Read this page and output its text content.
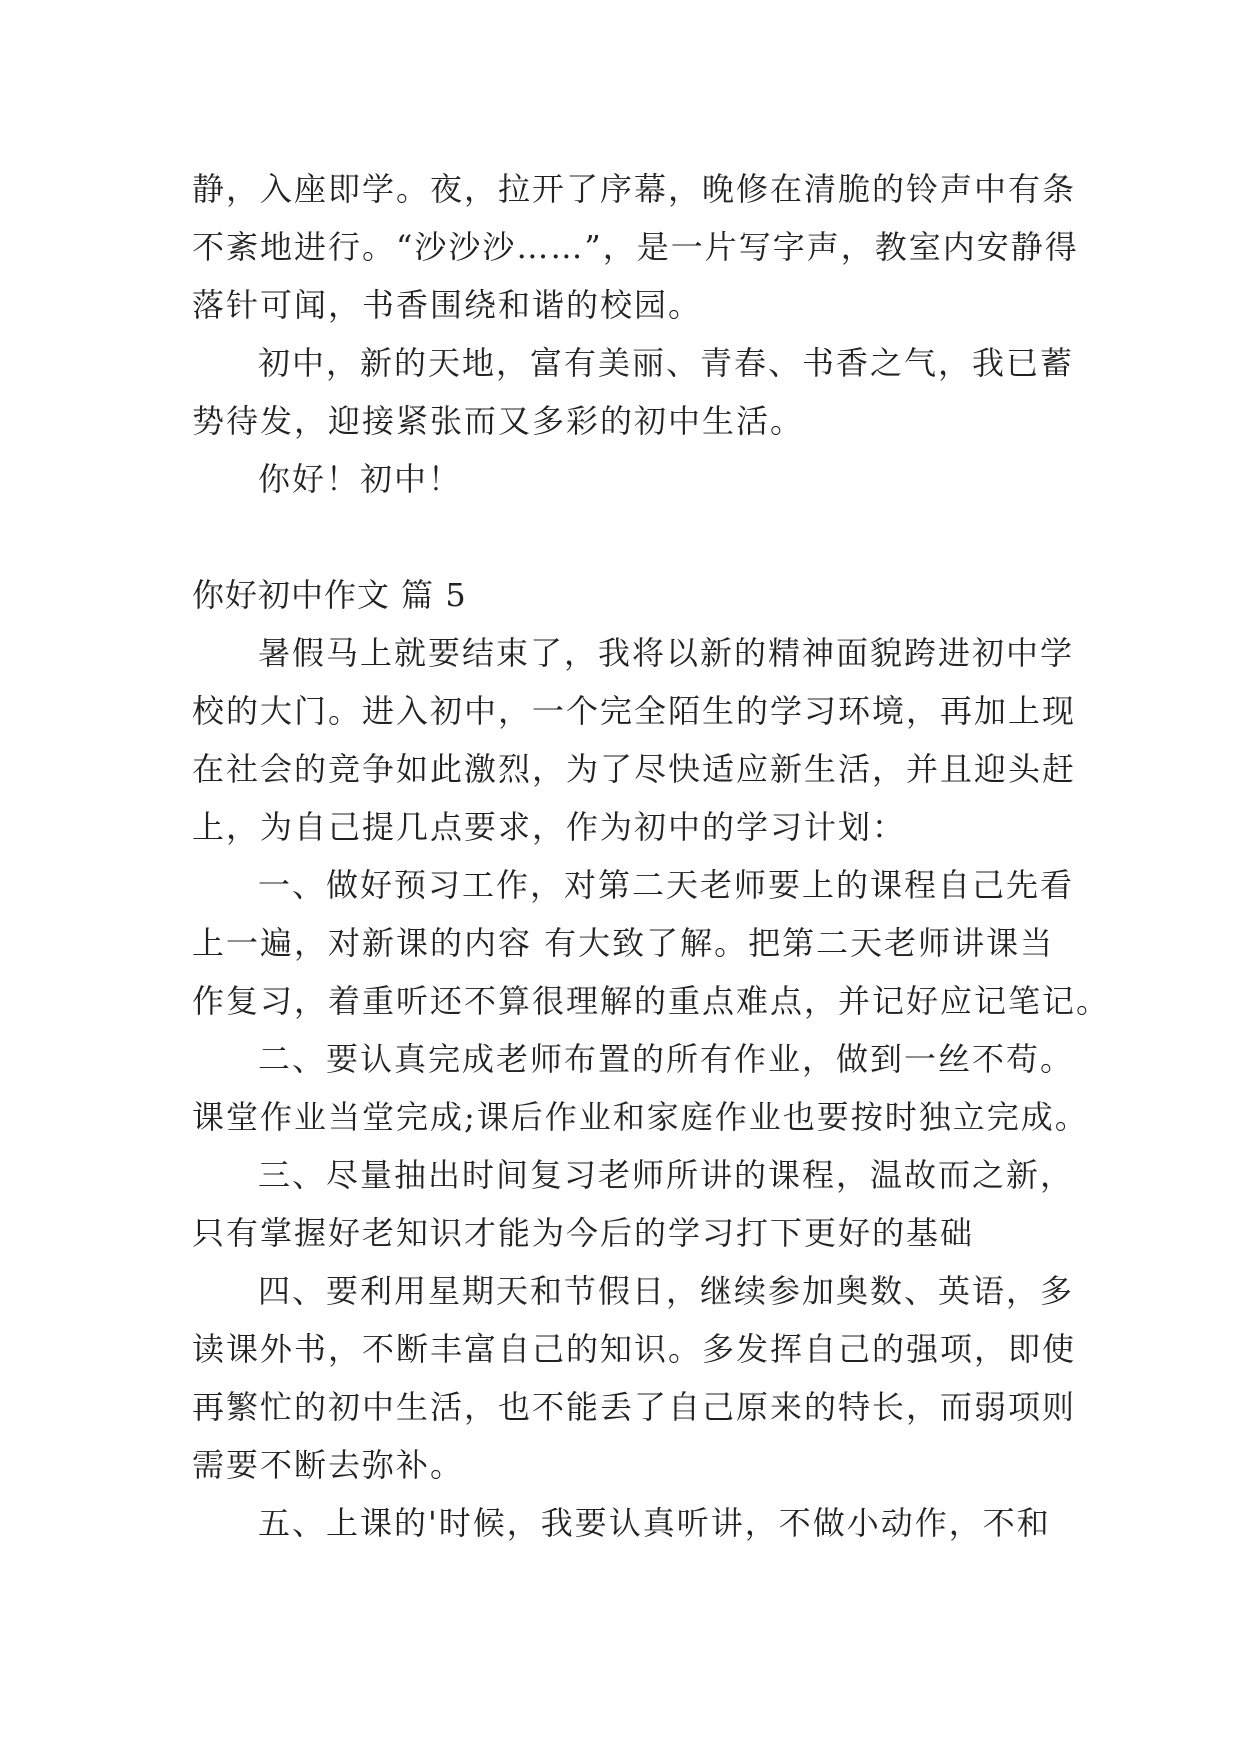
静，入座即学。夜，拉开了序幕，晚修在清脆的铃声中有条
不紊地进行。“沙沙沙……”，是一片写字声，教室内安静得
落针可闻，书香围绕和谐的校园。
初中，新的天地，富有美丽、青春、书香之气，我已蓄
势待发，迎接紧张而又多彩的初中生活。
你好！初中！
你好初中作文 篇 5
暑假马上就要结束了，我将以新的精神面貌跨进初中学
校的大门。进入初中，一个完全陌生的学习环境，再加上现
在社会的竞争如此激烈，为了尽快适应新生活，并且迎头赶
上，为自己提几点要求，作为初中的学习计划：
一、做好预习工作，对第二天老师要上的课程自己先看
上一遍，对新课的内容 有大致了解。把第二天老师讲课当
作复习，着重听还不算很理解的重点难点，并记好应记笔记。
二、要认真完成老师布置的所有作业，做到一丝不苟。
课堂作业当堂完成;课后作业和家庭作业也要按时独立完成。
三、尽量抽出时间复习老师所讲的课程，温故而之新，
只有掌握好老知识才能为今后的学习打下更好的基础
四、要利用星期天和节假日，继续参加奥数、英语，多
读课外书，不断丰富自己的知识。多发挥自己的强项，即使
再繁忙的初中生活，也不能丢了自己原来的特长，而弱项则
需要不断去弥补。
五、上课的'时候，我要认真听讲，不做小动作，不和
